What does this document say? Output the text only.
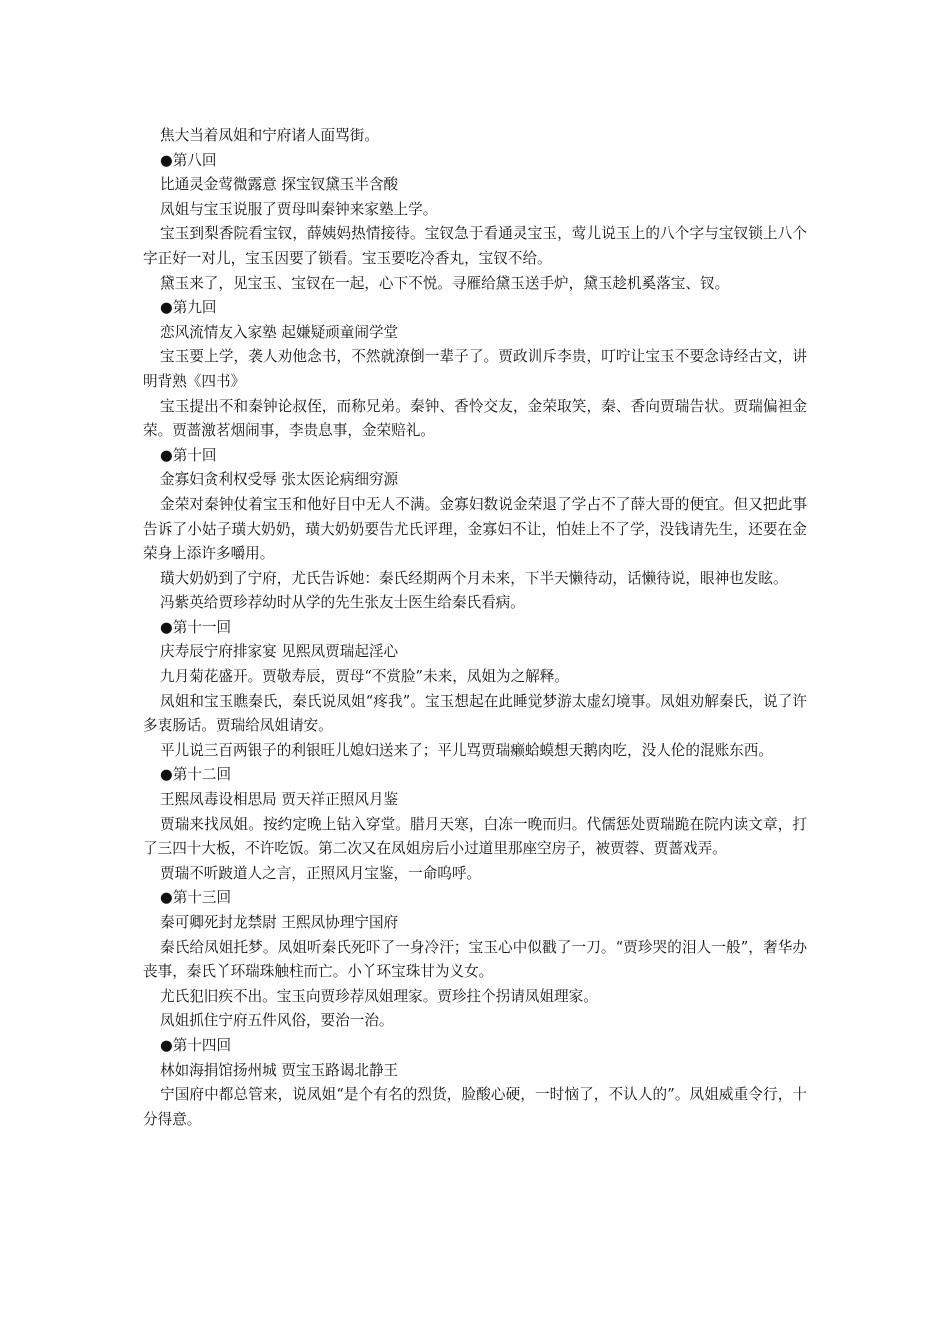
焦大当着凤姐和宁府诸人面骂街。

●第八回

比通灵金莺微露意 探宝钗黛玉半含酸

凤姐与宝玉说服了贾母叫秦钟来家塾上学。

宝玉到梨香院看宝钗，薛姨妈热情接待。宝钗急于看通灵宝玉，莺儿说玉上的八个字与宝钗锁上八个字正好一对儿，宝玉因要了锁看。宝玉要吃冷香丸，宝钗不给。

黛玉来了，见宝玉、宝钗在一起，心下不悦。寻雁给黛玉送手炉，黛玉趁机奚落宝、钗。

●第九回

恋风流情友入家塾 起嫌疑顽童闹学堂

宝玉要上学，袭人劝他念书，不然就潦倒一辈子了。贾政训斥李贵，叮咛让宝玉不要念诗经古文，讲明背熟《四书》

宝玉提出不和秦钟论叔侄，而称兄弟。秦钟、香怜交友，金荣取笑，秦、香向贾瑞告状。贾瑞偏袒金荣。贾蔷激茗烟闹事，李贵息事，金荣赔礼。

●第十回

金寡妇贪利权受辱 张太医论病细穷源

金荣对秦钟仗着宝玉和他好目中无人不满。金寡妇数说金荣退了学占不了薛大哥的便宜。但又把此事告诉了小姑子璜大奶奶，璜大奶奶要告尤氏评理，金寡妇不让，怕娃上不了学，没钱请先生，还要在金荣身上添许多嚼用。

璜大奶奶到了宁府，尤氏告诉她：秦氏经期两个月未来，下半天懒待动，话懒待说，眼神也发眩。

冯紫英给贾珍荐幼时从学的先生张友士医生给秦氏看病。

●第十一回

庆寿辰宁府排家宴 见熙凤贾瑞起淫心

九月菊花盛开。贾敬寿辰，贾母“不赏脸”未来，凤姐为之解释。

凤姐和宝玉瞧秦氏，秦氏说凤姐“疼我”。宝玉想起在此睡觉梦游太虚幻境事。凤姐劝解秦氏，说了许多衷肠话。贾瑞给凤姐请安。

平儿说三百两银子的利银旺儿媳妇送来了；平儿骂贾瑞癞蛤蟆想天鹅肉吃，没人伦的混账东西。

●第十二回

王熙凤毒设相思局 贾天祥正照风月鉴

贾瑞来找凤姐。按约定晚上钻入穿堂。腊月天寒，白冻一晚而归。代儒惩处贾瑞跪在院内读文章，打了三四十大板，不许吃饭。第二次又在凤姐房后小过道里那座空房子，被贾蓉、贾蔷戏弄。

贾瑞不听跛道人之言，正照风月宝鉴，一命呜呼。

●第十三回

秦可卿死封龙禁尉 王熙凤协理宁国府

秦氏给凤姐托梦。凤姐听秦氏死吓了一身冷汗；宝玉心中似戳了一刀。“贾珍哭的泪人一般”，奢华办丧事，秦氏丫环瑞珠触柱而亡。小丫环宝珠甘为义女。

尤氏犯旧疾不出。宝玉向贾珍荐凤姐理家。贾珍拄个拐请凤姐理家。

凤姐抓住宁府五件风俗，要治一治。

●第十四回

林如海捐馆扬州城 贾宝玉路谒北静王

宁国府中都总管来，说凤姐“是个有名的烈货，脸酸心硬，一时恼了，不认人的”。凤姐威重令行，十分得意。
